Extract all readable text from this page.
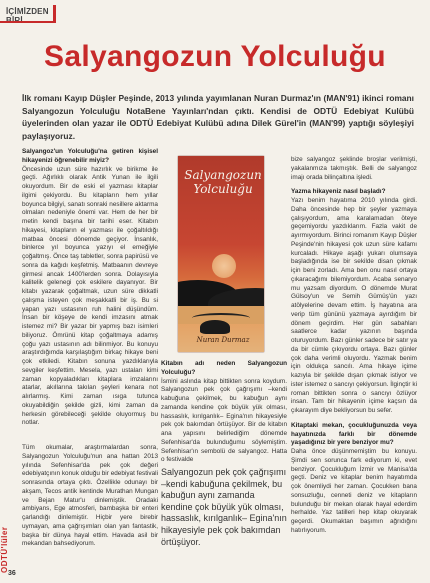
İÇİMİZDEN
Salyangozun Yolculuğu

İlk romanı Kayıp Düşler Peşinde, 2013 yılında yayımlanan Nuran Durmaz'ın (MAN'91) ikinci romanı Salyangozun Yolculuğu NotaBene Yayınları'ndan çıktı. Kendisi de ODTÜ Edebiyat Kulübü üyelerinden olan yazar ile ODTÜ Edebiyat Kulübü adına Dilek Gürel'in (MAN'99) yaptığı söyleşiyi paylaşıyoruz.

Salyangoz'un Yolculuğu'na getiren kişisel hikayenizi öğrenebilir miyiz?

Öncesinde uzun süre hazırlık ve birikme ile geçti. Ağırlıklı olarak Antik Yunan ile ilgili okuyordum. Bir de eski el yazması kitaplar ilgimi çekiyordu. Bu kitapların hem yıllar boyunca bilgiyi, sanatı sonraki nesillere aktarma olmaları nedeniyle önemi var. Hem de her bir metin kendi başına bir tarihi eser. Kitabın hikayesi, kitapların el yazması ile çoğaltıldığı matbaa öncesi dönemde geçiyor. İnsanlık, binlerce yıl boyunca yazıyı el emeğiyle çoğaltmış. Önce taş tabletler, sonra papirüsü ve sonra da kağıdı keşfetmiş. Matbaanın devreye girmesi ancak 1400'lerden sonra. Dolayısıyla kalitelik gelenegi çok eskilere dayanıyor. Bir kitabı yazarak çoğaltmak, uzun süre dikkatli çalışma isteyen çok meşakkatli bir iş. Bu si yapan yazı ustasının ruh halini düşündüm. İnsan bir köşeye de kendi imzasını atmak istemez mi? Bir yazar bir yapmış bazı isimleri biliyoruz. Ömrünü kitap çoğaltmaya adamış çoğu yazı ustasının adı bilinmiyor. Bu konuyu araştırdığımda karşılaştığım birkaç hikaye beni çok etkiledi. Kitabın sonuna yazdıklarıyla sevgiler keşfettim. Mesela, yazı ustaları kimi zaman kopyaladıkları kitaplara imzalarını atarlar, akıllarına takılan şeyleri kenara not alırlarmış. Kimi zaman ısıga tutunca okuyabildiğin şekilde gizli, kimi zaman da herkesin görebileceği şekilde oluyormuş bu notlar.

Tüm okumalar, araştırmalardan sonra, Salyangozun Yolculuğu'nun ana hattan 2013 yılında Sefenhisar'da pek çok değeri edebiyatçının konuk olduğu bir edebiyat festivali sonrasında ortaya çıktı. Özellikle odunayı bir akşam, Tecos antik kentinde Murathan Mungan ve Bejan Matur'u dinlemiştik. Oradaki ambiyans, Ege atmosferi, bambaşka bir enteri çarlandığı dinlemiştir. Hiçbir yere birebir uymayan, ama çağrışımları olan yan fantastik, başka bir dünya hayal ettim. Havada asil bir mekandan bahsediyorum.

Salyangozun Yolculuğu
Nuran Durmaz

Kitabın adı neden Salyangozun Yolculuğu?

İsmini aslında kitap bittikten sonra koydum. Salyangozun pek çok çağrışımı –kendi kabuğuna çekilmek, bu kabuğun aynı zamanda kendine çok büyük yük olması, hassaslık, kırılganlık– Egina'nın hikayesiyle pek çok bakımdan örtüşüyor. Bir de kitabın ana yapısını belirlediğim dönemde Sefenhisar'da bulunduğumu söylemiştim. Sefenhisar'ın sembolü de salyangoz. Hatta o festivalde

Salyangozun pek çok çağrışımı –kendi kabuğuna çekilmek, bu kabuğun aynı zamanda kendine çok büyük yük olması, hassaslık, kırılganlık– Egina'nın hikayesiyle pek çok bakımdan örtüşüyor.

bize salyangoz şeklinde broşlar verilmişti, yakalanmıza takmıştık. Belli de salyangoz imajı orada bilinçaltına işledi.

Yazma hikayeniz nasıl başladı?

Yazı benim hayatıma 2010 yılında girdi. Daha öncesinde hep bir şeyler yazmaya çalışıyordum, ama karalamadan öteye geçemiyordu yazdıklarım. Fazla vakit de ayırmıyordum. Birinci romanım Kayıp Düşler Peşinde'nin hikayesi çok uzun süre kafamı kurcaladı. Hikaye aşağı yukarı olumsaya başladığında ise bir sekilde disan çıkmak için beni zorladı. Ama ben onu nasıl ortaya çıkaracağımı bilemiyordum. Acaba senaryo mu yazsam diyordum. O dönemde Murat Gülsoy'un ve Semih Gümüş'ün yazı atölyelerine devam ettim. İş hayatına ara verip tüm gününü yazmaya ayırdığım bir dönem geçirdim. Her gün sabahları saatlerce kadar yazının başında oturuyordum. Bazı günler sadece bir satır ya da bir cümle çıkıyordu ortaya. Bazı günler çok daha verimli oluyordu. Yazmak benim için oldukça sancılı. Ama hikaye içime kazıyla bir şekilde dışarı çıkmak istiyor ve ister istemez o sancıyı çekiyorsun. İlginçtir ki roman bittikten sonra o sancıyı özlüyor insan. Tam bir hikayenin içime kaçsın da çıkarayım diye bekliyorsun bu sefer.

Kitaptaki mekan, çocukluğunuzda veya hayatınızda farklı bir dönemde yaşadığınız bir yere benziyor mu?

Daha önce düşünmemiştim bu konuyu. Şimdi sen sorunca fark ediyorum ki, evet benziyor. Çocukluğum İzmir ve Manisa'da geçti. Deniz ve kitaplar benim hayatımda çok önemliydi her zaman. Çocukken bana sonsuzluğu, cenneti deniz ve kitapların bulunduğu bir mekan olarak hayal ederdim herhalde. Yaz tatilleri hep kitap okuyarak geçerdi. Okumaktan başımın ağrıdığını hatırlıyorum.

ODTÜ'lüler
36
